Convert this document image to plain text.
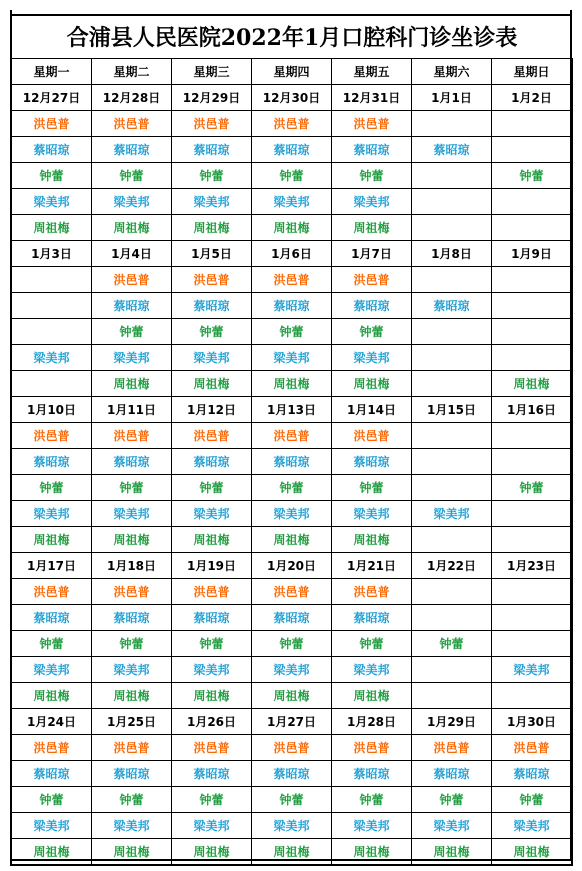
合浦县人民医院2022年1月口腔科门诊坐诊表
星期一	星期二	星期三	星期四	星期五	星期六	星期日
12月27日	12月28日	12月29日	12月30日	12月31日	1月1日	1月2日
洪邑普	洪邑普	洪邑普	洪邑普	洪邑普		
蔡昭琼	蔡昭琼	蔡昭琼	蔡昭琼	蔡昭琼	蔡昭琼	
钟蕾	钟蕾	钟蕾	钟蕾	钟蕾		钟蕾
梁美邦	梁美邦	梁美邦	梁美邦	梁美邦		
周祖梅	周祖梅	周祖梅	周祖梅	周祖梅		
1月3日	1月4日	1月5日	1月6日	1月7日	1月8日	1月9日
	洪邑普	洪邑普	洪邑普	洪邑普		
	蔡昭琼	蔡昭琼	蔡昭琼	蔡昭琼	蔡昭琼	
	钟蕾	钟蕾	钟蕾	钟蕾		
梁美邦	梁美邦	梁美邦	梁美邦	梁美邦		
	周祖梅	周祖梅	周祖梅	周祖梅		周祖梅
1月10日	1月11日	1月12日	1月13日	1月14日	1月15日	1月16日
洪邑普	洪邑普	洪邑普	洪邑普	洪邑普		
蔡昭琼	蔡昭琼	蔡昭琼	蔡昭琼	蔡昭琼		
钟蕾	钟蕾	钟蕾	钟蕾	钟蕾		钟蕾
梁美邦	梁美邦	梁美邦	梁美邦	梁美邦	梁美邦	
周祖梅	周祖梅	周祖梅	周祖梅	周祖梅		
1月17日	1月18日	1月19日	1月20日	1月21日	1月22日	1月23日
洪邑普	洪邑普	洪邑普	洪邑普	洪邑普		
蔡昭琼	蔡昭琼	蔡昭琼	蔡昭琼	蔡昭琼		
钟蕾	钟蕾	钟蕾	钟蕾	钟蕾	钟蕾	
梁美邦	梁美邦	梁美邦	梁美邦	梁美邦		梁美邦
周祖梅	周祖梅	周祖梅	周祖梅	周祖梅		
1月24日	1月25日	1月26日	1月27日	1月28日	1月29日	1月30日
洪邑普	洪邑普	洪邑普	洪邑普	洪邑普	洪邑普	洪邑普
蔡昭琼	蔡昭琼	蔡昭琼	蔡昭琼	蔡昭琼	蔡昭琼	蔡昭琼
钟蕾	钟蕾	钟蕾	钟蕾	钟蕾	钟蕾	钟蕾
梁美邦	梁美邦	梁美邦	梁美邦	梁美邦	梁美邦	梁美邦
周祖梅	周祖梅	周祖梅	周祖梅	周祖梅	周祖梅	周祖梅
